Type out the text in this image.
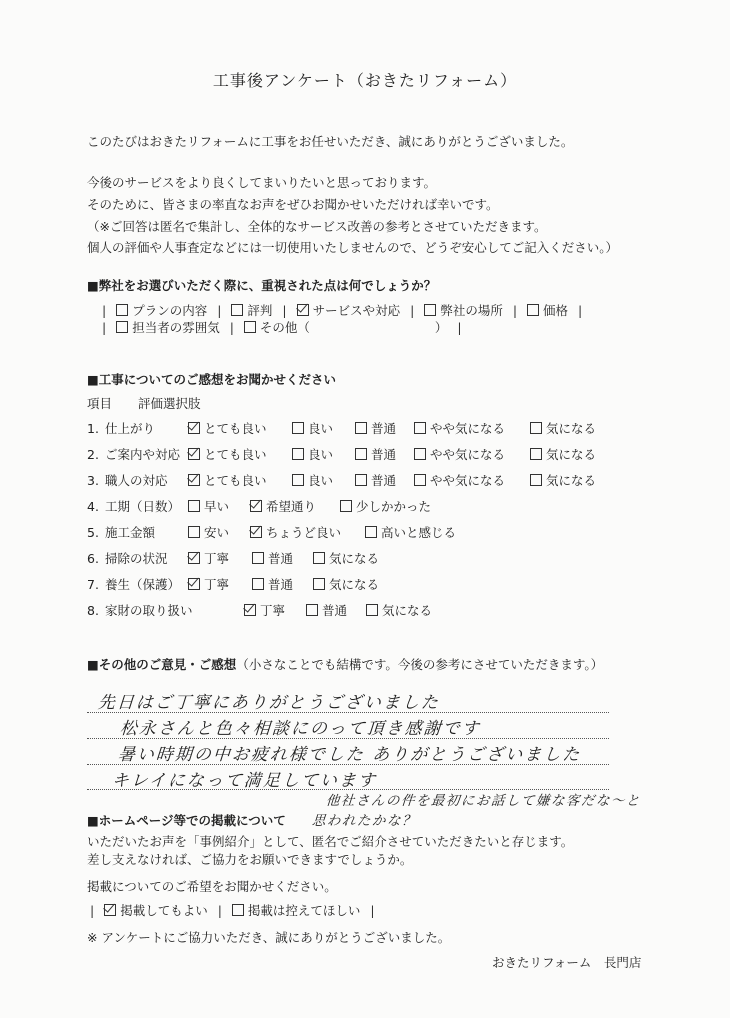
工事後アンケート（おきたリフォーム）
このたびはおきたリフォームに工事をお任せいただき、誠にありがとうございました。
今後のサービスをより良くしてまいりたいと思っております。
そのために、皆さまの率直なお声をぜひお聞かせいただければ幸いです。
（※ご回答は匿名で集計し、全体的なサービス改善の参考とさせていただきます。
個人の評価や人事査定などには一切使用いたしませんので、どうぞ安心してご記入ください。）
■弊社をお選びいただく際に、重視された点は何でしょうか？
| プランの内容 | 評判 | サービスや対応 | 弊社の場所 | 価格 |
| 担当者の雰囲気 | その他（　　　　　　　　　　） |
■工事についてのご感想をお聞かせください
項目 評価選択肢
1. 仕上がり	とても良い	良い	普通	やや気になる	気になる
2. ご案内や対応	とても良い	良い	普通	やや気になる	気になる
3. 職人の対応	とても良い	良い	普通	やや気になる	気になる
4. 工期（日数）	早い	希望通り	少しかかった
5. 施工金額	安い	ちょうど良い	高いと感じる
6. 掃除の状況	丁寧	普通	気になる
7. 養生（保護）	丁寧	普通	気になる
8. 家財の取り扱い	丁寧	普通	気になる
■その他のご意見・ご感想（小さなことでも結構です。今後の参考にさせていただきます。）
先日はご丁寧にありがとうございました
松永さんと色々相談にのって頂き感謝です
暑い時期の中お疲れ様でした ありがとうございました
キレイになって満足しています
他社さんの件を最初にお話して嫌な客だな〜と
思われたかな？
■ホームページ等での掲載について
いただいたお声を「事例紹介」として、匿名でご紹介させていただきたいと存じます。
差し支えなければ、ご協力をお願いできますでしょうか。
掲載についてのご希望をお聞かせください。
| 掲載してもよい | 掲載は控えてほしい |
※ アンケートにご協力いただき、誠にありがとうございました。
おきたリフォーム　長門店
